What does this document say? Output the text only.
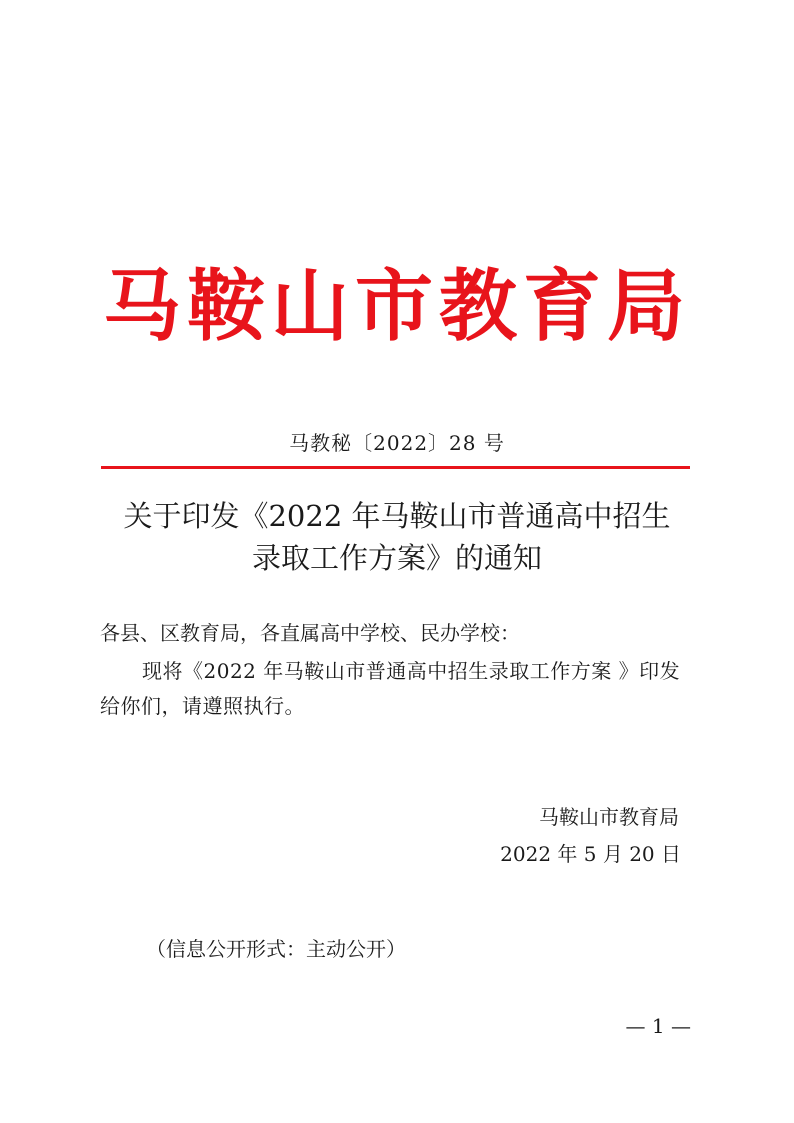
马鞍山市教育局
马教秘〔2022〕28 号
关于印发《2022 年马鞍山市普通高中招生
录取工作方案》的通知
各县、区教育局，各直属高中学校、民办学校：
现将《2022 年马鞍山市普通高中招生录取工作方案 》印发
给你们，请遵照执行。
马鞍山市教育局
2022 年 5 月 20 日
（信息公开形式：主动公开）
— 1 —
